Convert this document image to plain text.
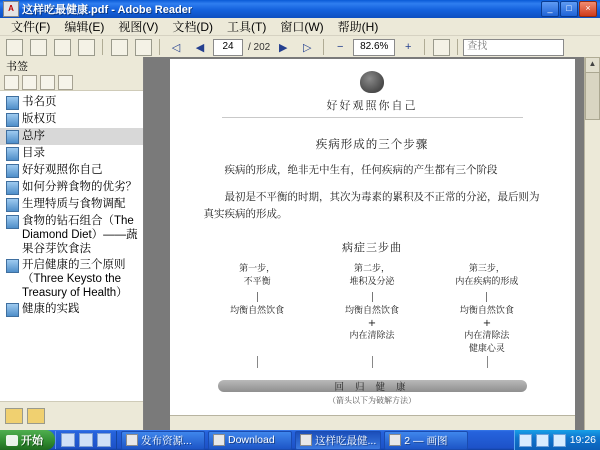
A 这样吃最健康.pdf - Adobe Reader	_	□	×
文件(F)	编辑(E)	视图(V)	文档(D)	工具(T)	窗口(W)	帮助(H)
◁	◀	24	/ 202 ▶	▷	−	82.6%	+	查找
书签
书名页
版权页
总序
目录
好好观照你自己
如何分辨食物的优劣？
生理特质与食物调配
食物的钻石组合（The Diamond Diet）——蔬果谷芽饮食法
开启健康的三个原则（Three Keysto the Treasury of Health）
健康的实践
好好观照你自己
疾病形成的三个步骤
疾病的形成，绝非无中生有，任何疾病的产生都有三个阶段
最初是不平衡的时期，其次为毒素的累积及不正常的分泌，最后则为真实疾病的形成。
病症三步曲
第一步，
不平衡
均衡自然饮食
第二步，
堆积及分泌
均衡自然饮食
+
内在清除法
第三步，
内在疾病的形成
均衡自然饮食
+
内在清除法
健康心灵
回 归 健 康
（箭头以下为破解方法）
▲
开始	发布资源...	Download	这样吃最健...	2 — 画图	19:26
